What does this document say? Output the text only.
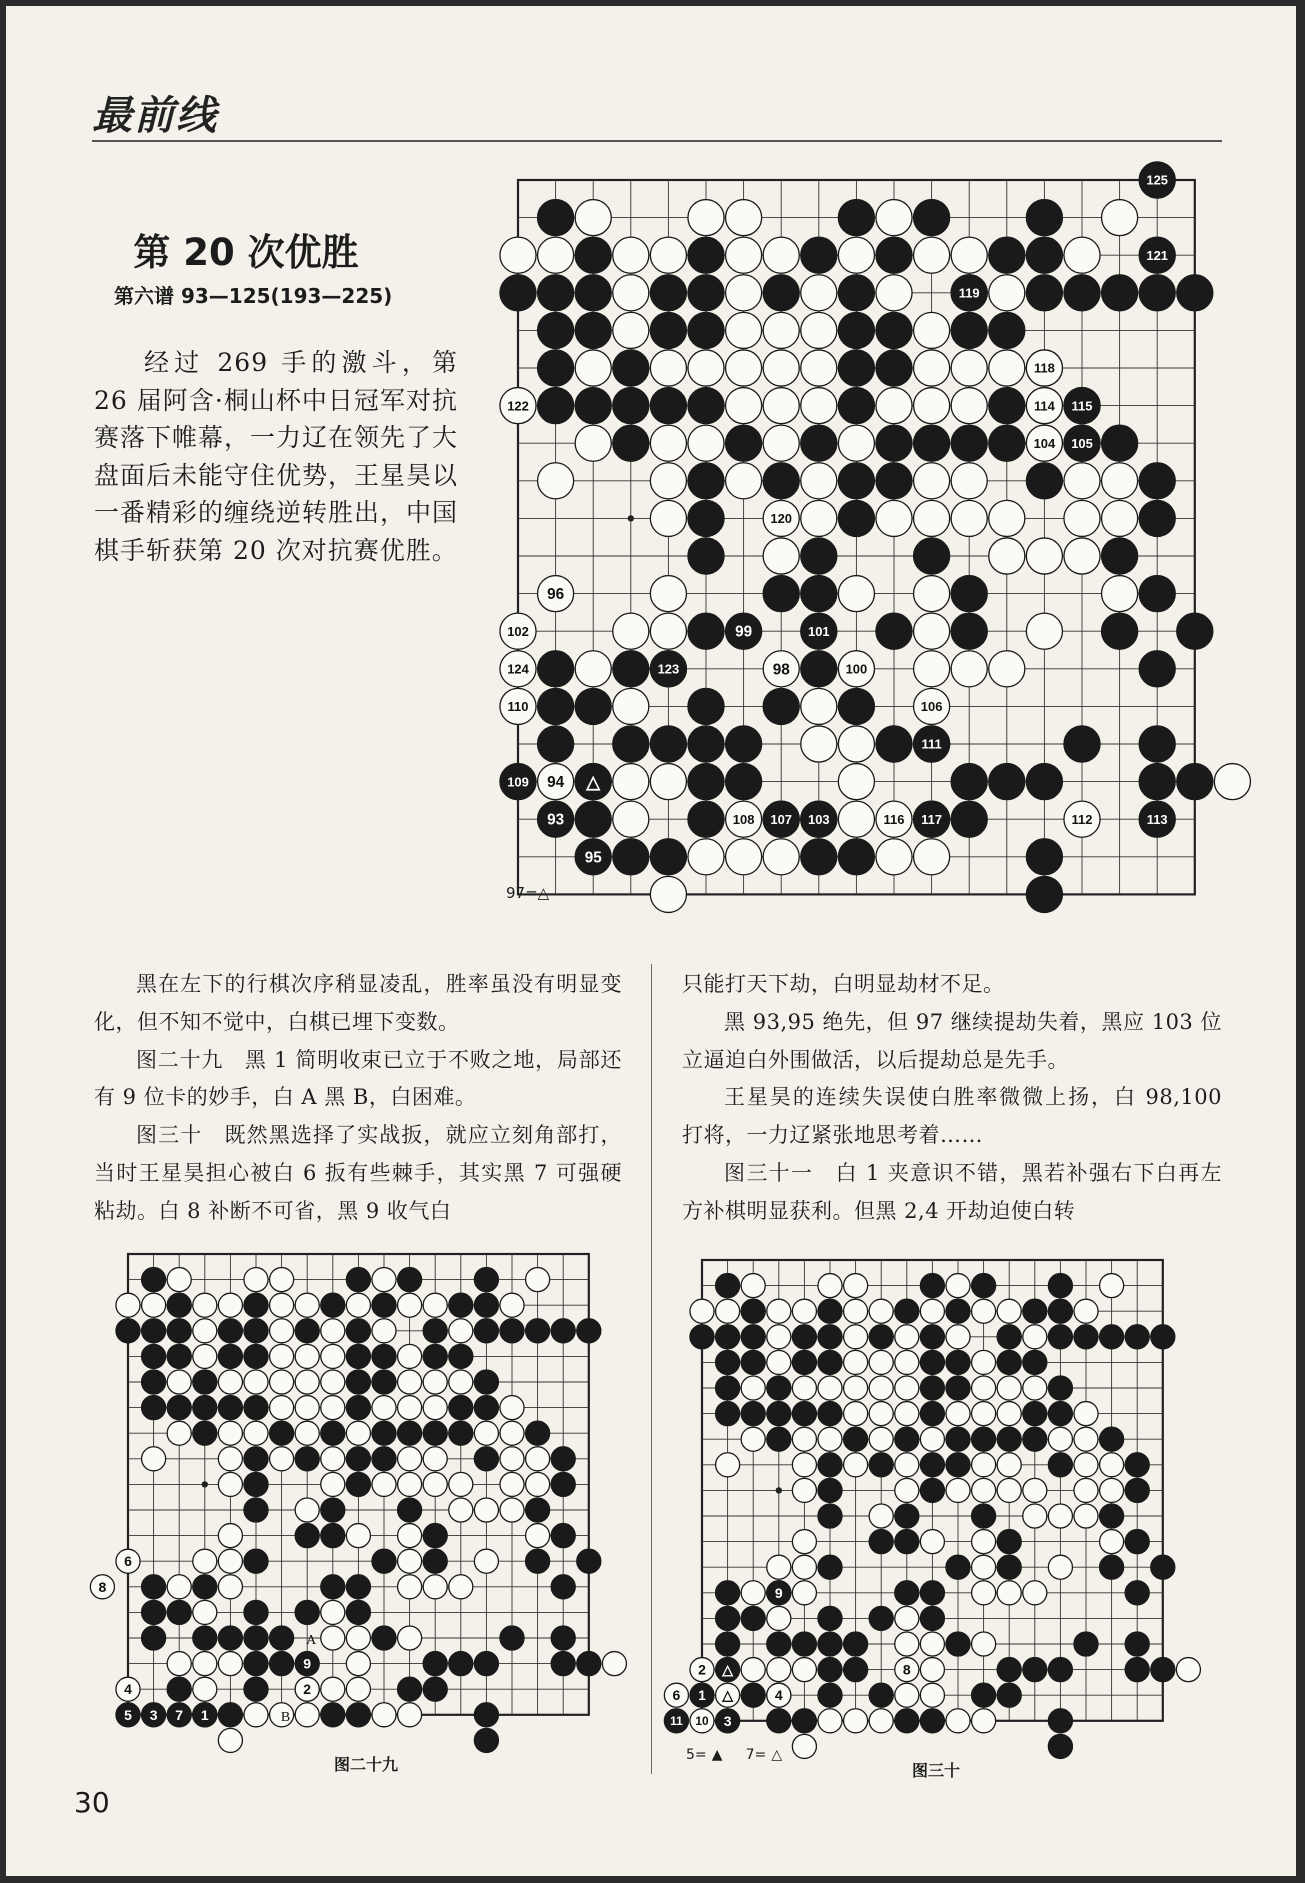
最前线
第 20 次优胜
第六谱 93—125(193—225)
经过 269 手的激斗，第 26 届阿含·桐山杯中日冠军对抗赛落下帷幕，一力辽在领先了大盘面后未能守住优势，王星昊以一番精彩的缠绕逆转胜出，中国棋手斩获第 20 次对抗赛优胜。
125
121
119
118
122	114 115
104 105
120
96
102	99	101
124	123	98	100
110	106
111
109 94 △
93	108 107 103	116 117	112	113
95
97=△

黑在左下的行棋次序稍显凌乱，胜率虽没有明显变化，但不知不觉中，白棋已埋下变数。

图二十九　黑 1 简明收束已立于不败之地，局部还有 9 位卡的妙手，白 A 黑 B，白困难。

图三十　既然黑选择了实战扳，就应立刻角部打，当时王星昊担心被白 6 扳有些棘手，其实黑 7 可强硬粘劫。白 8 补断不可省，黑 9 收气白

只能打天下劫，白明显劫材不足。

黑 93,95 绝先，但 97 继续提劫失着，黑应 103 位立逼迫白外围做活，以后提劫总是先手。

王星昊的连续失误使白胜率微微上扬，白 98,100 打将，一力辽紧张地思考着……

图三十一　白 1 夹意识不错，黑若补强右下白再左方补棋明显获利。但黑 2,4 开劫迫使白转

6
8
9
2
4
5 3 7 1
A
B
图二十九
9
8
2 △
6 1 △	4
11 10 3
5= ▲ 7= △
图三十
30
